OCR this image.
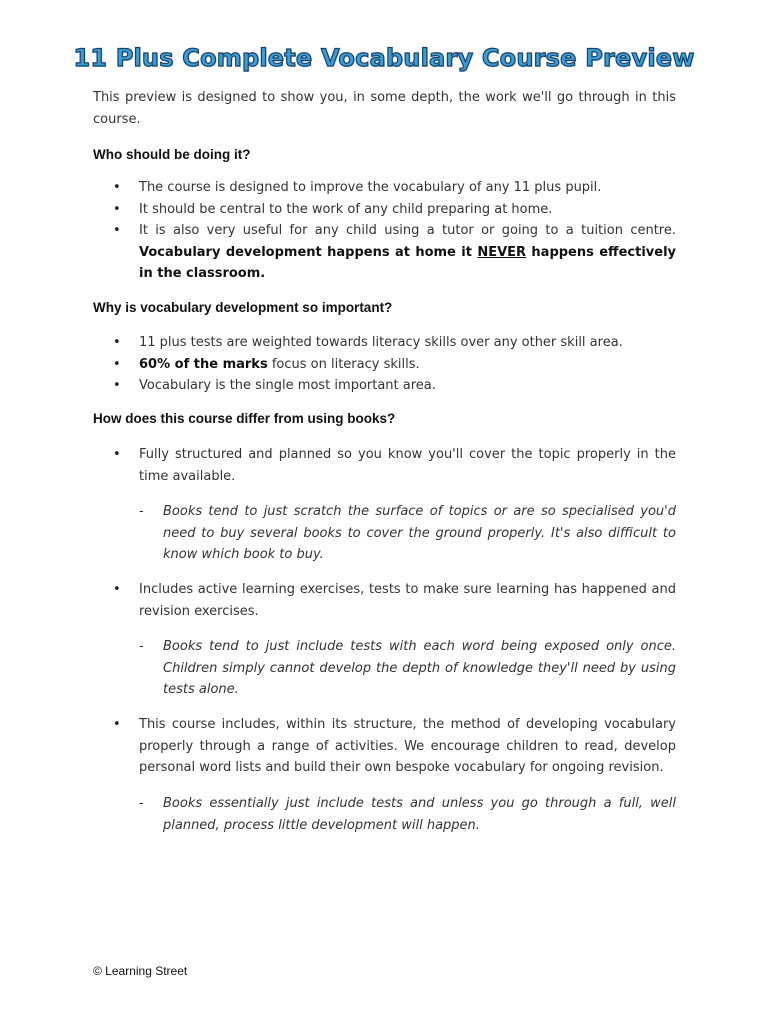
11 Plus Complete Vocabulary Course Preview
This preview is designed to show you, in some depth, the work we'll go through in this course.
Who should be doing it?
•
The course is designed to improve the vocabulary of any 11 plus pupil.
•
It should be central to the work of any child preparing at home.
•
It is also very useful for any child using a tutor or going to a tuition centre. Vocabulary development happens at home it NEVER happens effectively in the classroom.
Why is vocabulary development so important?
•
11 plus tests are weighted towards literacy skills over any other skill area.
•
60% of the marks focus on literacy skills.
•
Vocabulary is the single most important area.
How does this course differ from using books?
•
Fully structured and planned so you know you'll cover the topic properly in the time available.
- Books tend to just scratch the surface of topics or are so specialised you'd need to buy several books to cover the ground properly. It's also difficult to know which book to buy.
•
Includes active learning exercises, tests to make sure learning has happened and revision exercises.
- Books tend to just include tests with each word being exposed only once. Children simply cannot develop the depth of knowledge they'll need by using tests alone.
•
This course includes, within its structure, the method of developing vocabulary properly through a range of activities. We encourage children to read, develop personal word lists and build their own bespoke vocabulary for ongoing revision.
- Books essentially just include tests and unless you go through a full, well planned, process little development will happen.
© Learning Street
